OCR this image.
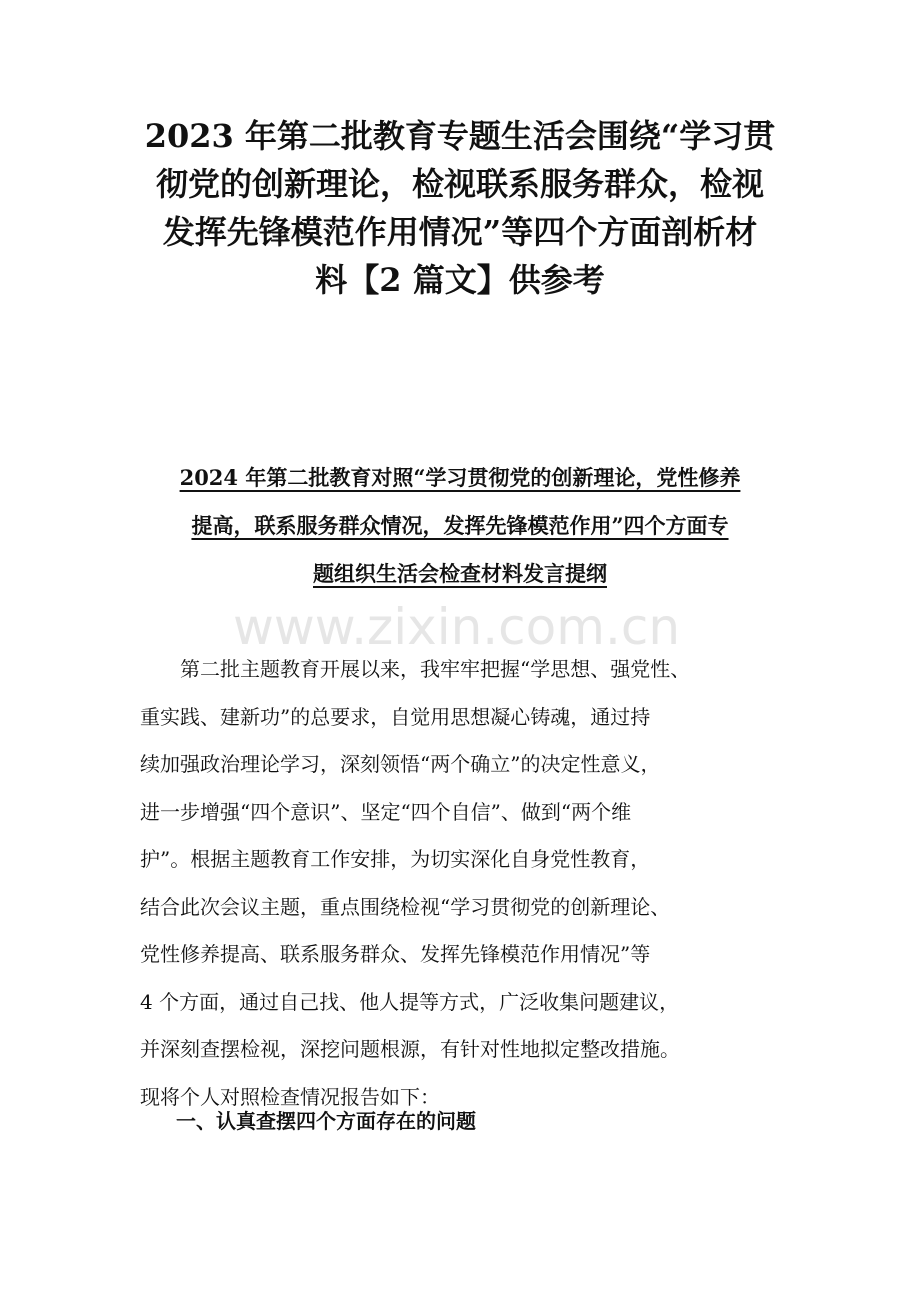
2023 年第二批教育专题生活会围绕“学习贯
彻党的创新理论，检视联系服务群众，检视
发挥先锋模范作用情况”等四个方面剖析材
料【2 篇文】供参考
2024 年第二批教育对照“学习贯彻党的创新理论，党性修养
提高，联系服务群众情况，发挥先锋模范作用”四个方面专
题组织生活会检查材料发言提纲
www.zixin.com.cn
　　第二批主题教育开展以来，我牢牢把握“学思想、强党性、
重实践、建新功”的总要求，自觉用思想凝心铸魂，通过持
续加强政治理论学习，深刻领悟“两个确立”的决定性意义，
进一步增强“四个意识”、坚定“四个自信”、做到“两个维
护”。根据主题教育工作安排，为切实深化自身党性教育，
结合此次会议主题，重点围绕检视“学习贯彻党的创新理论、
党性修养提高、联系服务群众、发挥先锋模范作用情况”等
4 个方面，通过自己找、他人提等方式，广泛收集问题建议，
并深刻查摆检视，深挖问题根源，有针对性地拟定整改措施。
现将个人对照检查情况报告如下：
一、认真查摆四个方面存在的问题
